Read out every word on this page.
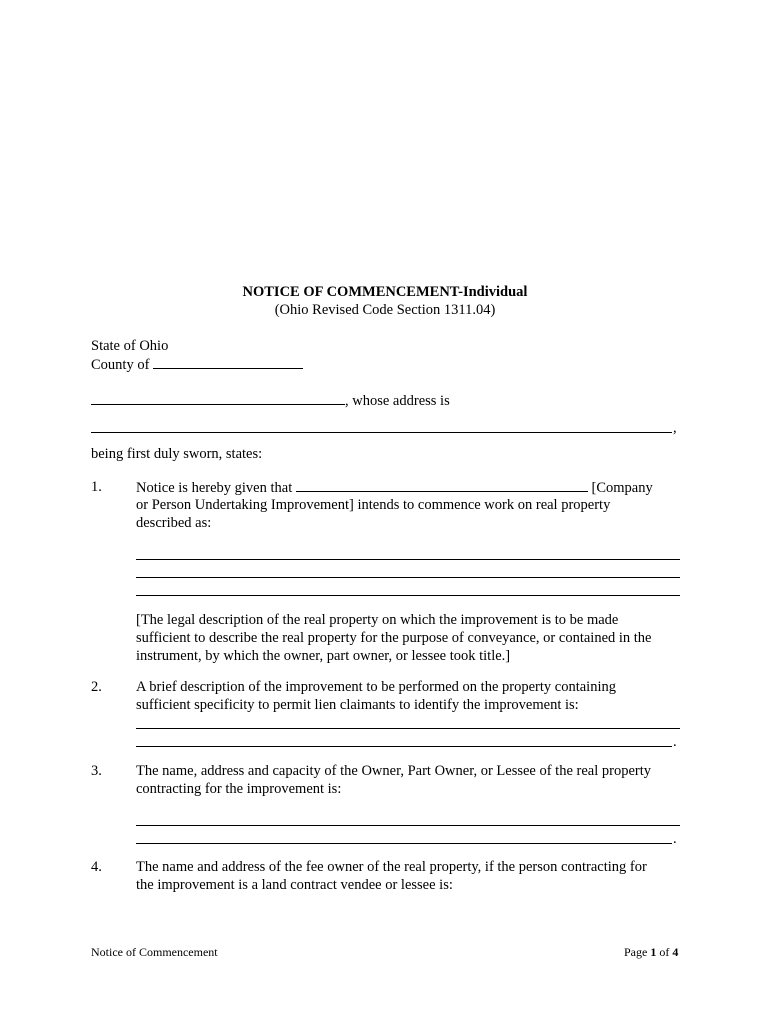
NOTICE OF COMMENCEMENT-Individual
(Ohio Revised Code Section 1311.04)
State of Ohio
County of
, whose address is
,
being first duly sworn, states:
1. Notice is hereby given that	[Company
or Person Undertaking Improvement] intends to commence work on real property
described as:
[The legal description of the real property on which the improvement is to be made
sufficient to describe the real property for the purpose of conveyance, or contained in the
instrument, by which the owner, part owner, or lessee took title.]
2. A brief description of the improvement to be performed on the property containing
sufficient specificity to permit lien claimants to identify the improvement is:
.
3. The name, address and capacity of the Owner, Part Owner, or Lessee of the real property
contracting for the improvement is:
.
4. The name and address of the fee owner of the real property, if the person contracting for
the improvement is a land contract vendee or lessee is:
Notice of Commencement	Page 1 of 4
